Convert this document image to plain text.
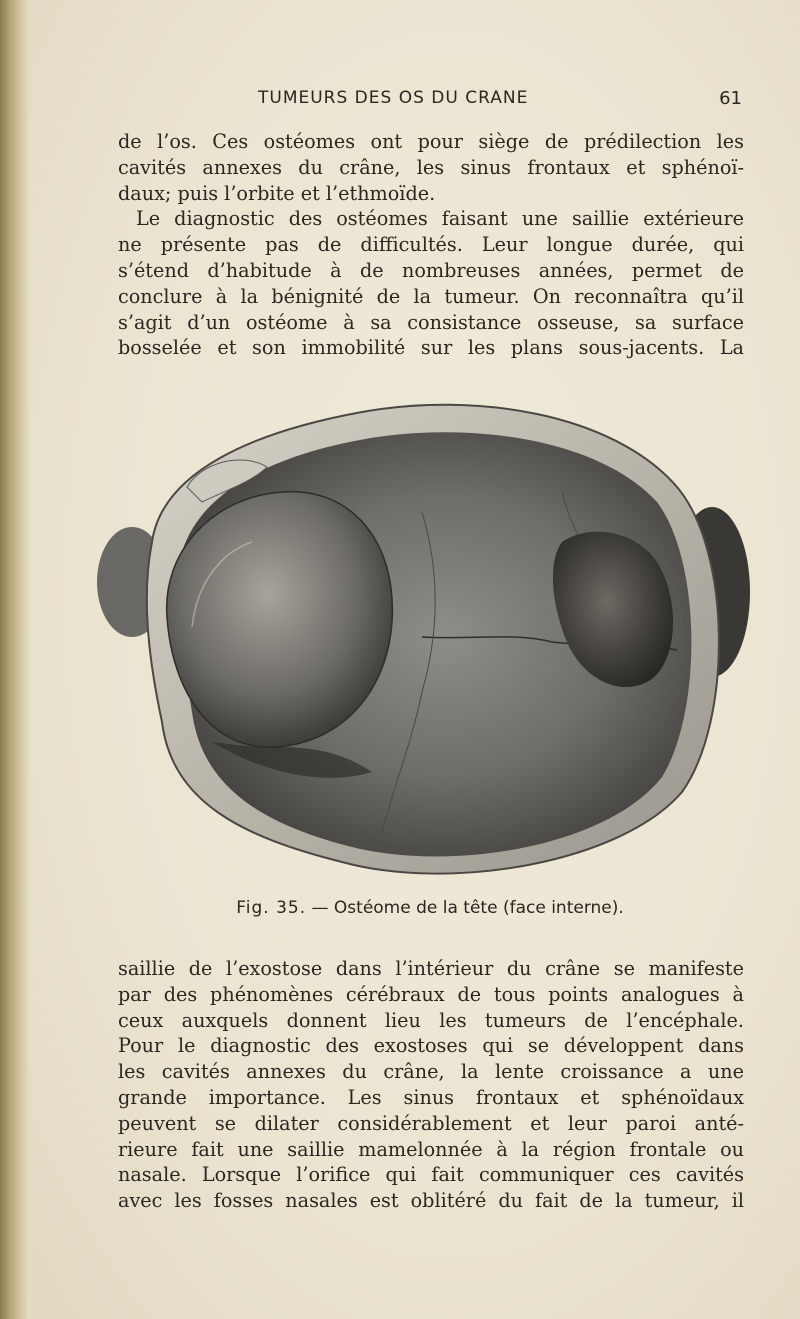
TUMEURS DES OS DU CRANE	61
de l’os. Ces ostéomes ont pour siège de prédilection les
cavités annexes du crâne, les sinus frontaux et sphénoï-
daux; puis l’orbite et l’ethmoïde.
Le diagnostic des ostéomes faisant une saillie extérieure
ne présente pas de difficultés. Leur longue durée, qui
s’étend d’habitude à de nombreuses années, permet de
conclure à la bénignité de la tumeur. On reconnaîtra qu’il
s’agit d’un ostéome à sa consistance osseuse, sa surface
bosselée et son immobilité sur les plans sous-jacents. La
Fig. 35. — Ostéome de la tête (face interne).
saillie de l’exostose dans l’intérieur du crâne se manifeste
par des phénomènes cérébraux de tous points analogues à
ceux auxquels donnent lieu les tumeurs de l’encéphale.
Pour le diagnostic des exostoses qui se développent dans
les cavités annexes du crâne, la lente croissance a une
grande importance. Les sinus frontaux et sphénoïdaux
peuvent se dilater considérablement et leur paroi anté-
rieure fait une saillie mamelonnée à la région frontale ou
nasale. Lorsque l’orifice qui fait communiquer ces cavités
avec les fosses nasales est oblitéré du fait de la tumeur, il
